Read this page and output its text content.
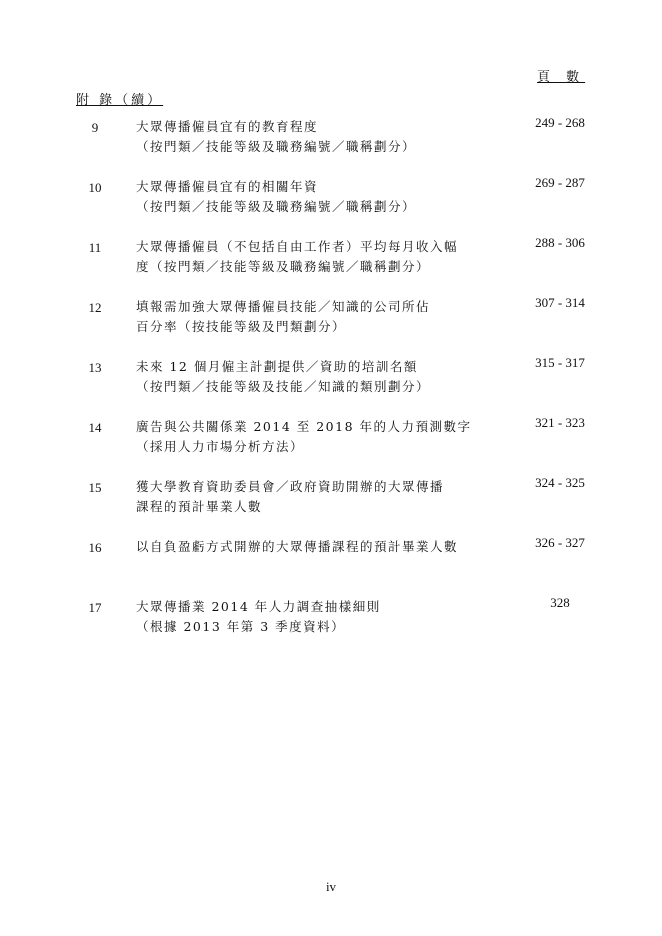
頁 數
附 錄（續）
9	大眾傳播僱員宜有的教育程度
（按門類／技能等級及職務編號／職稱劃分）
249 - 268
10	大眾傳播僱員宜有的相關年資
（按門類／技能等級及職務編號／職稱劃分）
269 - 287
11	大眾傳播僱員（不包括自由工作者）平均每月收入幅
度（按門類／技能等級及職務編號／職稱劃分）
288 - 306
12	填報需加強大眾傳播僱員技能／知識的公司所佔
百分率（按技能等級及門類劃分）
307 - 314
13	未來 12 個月僱主計劃提供／資助的培訓名額
（按門類／技能等級及技能／知識的類別劃分）
315 - 317
14	廣告與公共關係業 2014 至 2018 年的人力預測數字
（採用人力市場分析方法）
321 - 323
15	獲大學教育資助委員會／政府資助開辦的大眾傳播
課程的預計畢業人數
324 - 325
16	以自負盈虧方式開辦的大眾傳播課程的預計畢業人數	326 - 327
17	大眾傳播業 2014 年人力調查抽樣細則
（根據 2013 年第 3 季度資料）
328
iv
